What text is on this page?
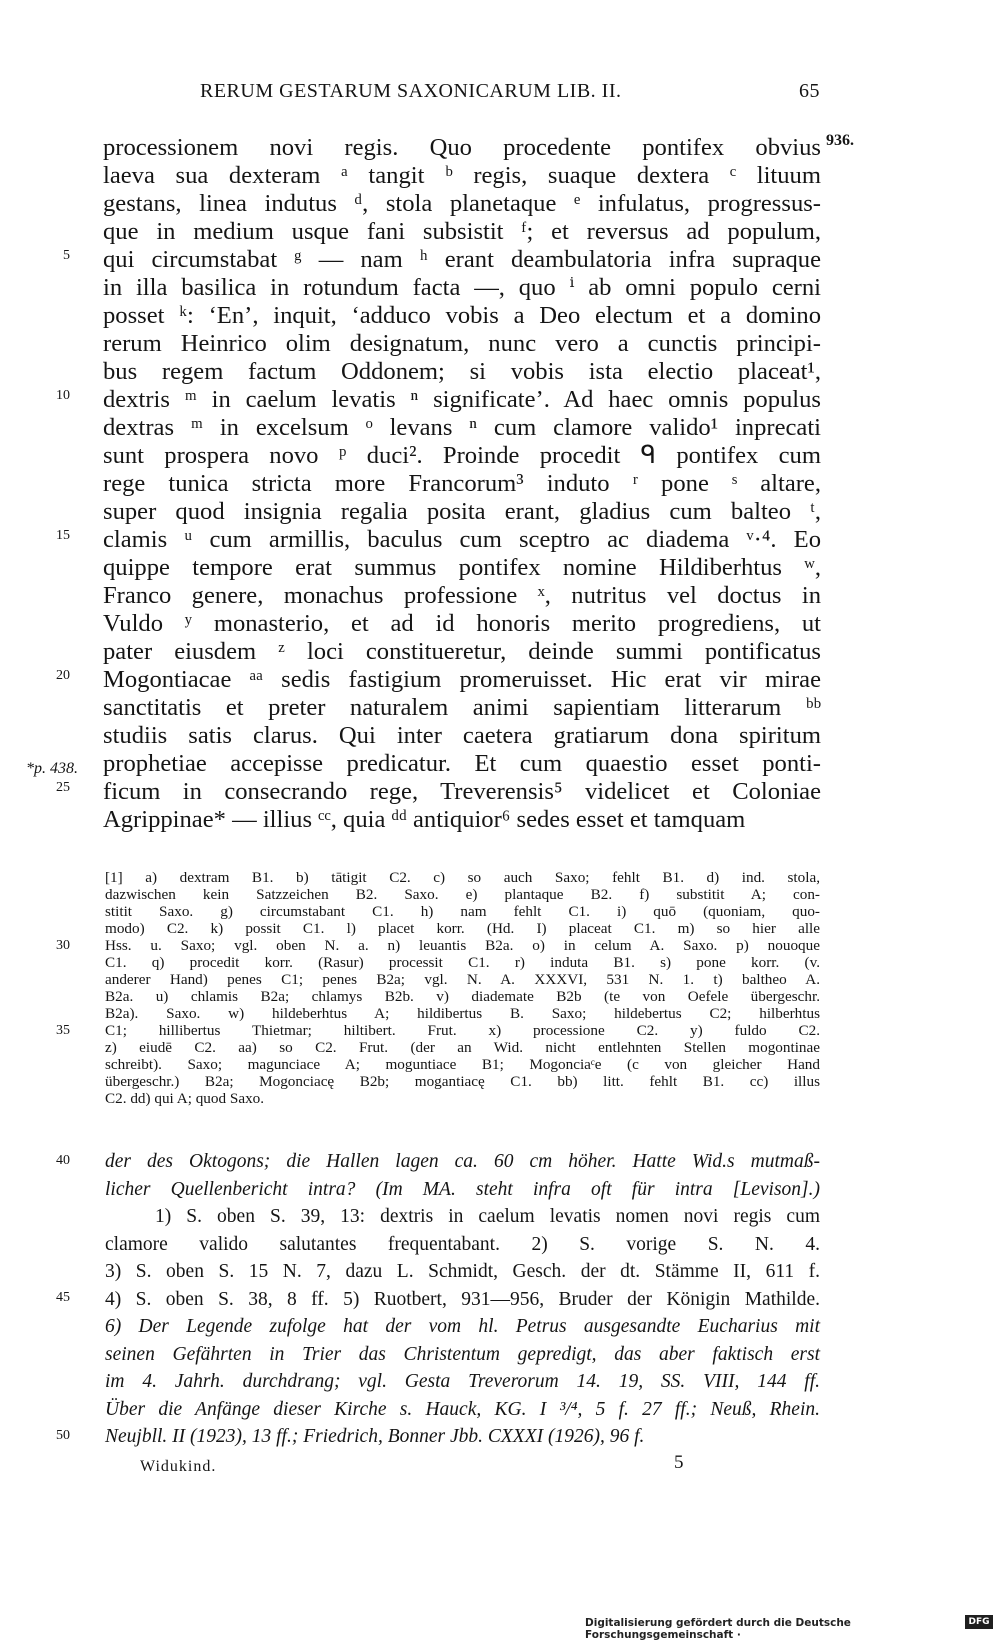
RERUM GESTARUM SAXONICARUM LIB. II.	65
936.
*p. 438.
5
10
15
20
25
processionem novi regis. Quo procedente pontifex obvius
laeva sua dexteram ᵃ tangit ᵇ regis, suaque dextera ᶜ lituum
gestans, linea indutus ᵈ, stola planetaque ᵉ infulatus, progressus-
que in medium usque fani subsistit ᶠ; et reversus ad populum,
qui circumstabat ᵍ — nam ʰ erant deambulatoria infra supraque
in illa basilica in rotundum facta —, quo ⁱ ab omni populo cerni
posset ᵏ: ‘En’, inquit, ‘adduco vobis a Deo electum et a domino
rerum Heinrico olim designatum, nunc vero a cunctis principi-
bus regem factum Oddonem; si vobis ista electio placeat¹,
dextris ᵐ in caelum levatis ⁿ significate’. Ad haec omnis populus
dextras ᵐ in excelsum ᵒ levans ⁿ cum clamore valido¹ inprecati
sunt prospera novo ᵖ duci². Proinde procedit ᑫ pontifex cum
rege tunica stricta more Francorum³ induto ʳ pone ˢ altare,
super quod insignia regalia posita erant, gladius cum balteo ᵗ,
clamis ᵘ cum armillis, baculus cum sceptro ac diadema ᵛ·⁴. Eo
quippe tempore erat summus pontifex nomine Hildiberhtus ʷ,
Franco genere, monachus professione ˣ, nutritus vel doctus in
Vuldo ʸ monasterio, et ad id honoris merito progrediens, ut
pater eiusdem ᶻ loci constitueretur, deinde summi pontificatus
Mogontiacae ᵃᵃ sedis fastigium promeruisset. Hic erat vir mirae
sanctitatis et preter naturalem animi sapientiam litterarum ᵇᵇ
studiis satis clarus. Qui inter caetera gratiarum dona spiritum
prophetiae accepisse predicatur. Et cum quaestio esset ponti-
ficum in consecrando rege, Treverensis⁵ videlicet et Coloniae
Agrippinae* — illius ᶜᶜ, quia ᵈᵈ antiquior⁶ sedes esset et tamquam
30
35
[1] a) dextram B1. b) tātigit C2. c) so auch Saxo; fehlt B1. d) ind. stola,
dazwischen kein Satzzeichen B2. Saxo. e) plantaque B2. f) substitit A; con-
stitit Saxo. g) circumstabant C1. h) nam fehlt C1. i) quō (quoniam, quo-
modo) C2. k) possit C1. l) placet korr. (Hd. I) placeat C1. m) so hier alle
Hss. u. Saxo; vgl. oben N. a. n) leuantis B2a. o) in celum A. Saxo. p) nouoque
C1. q) procedit korr. (Rasur) processit C1. r) induta B1. s) pone korr. (v.
anderer Hand) penes C1; penes B2a; vgl. N. A. XXXVI, 531 N. 1. t) baltheo A.
B2a. u) chlamis B2a; chlamys B2b. v) diademate B2b (te von Oefele übergeschr.
B2a). Saxo. w) hildeberhtus A; hildibertus B. Saxo; hildebertus C2; hilberhtus
C1; hillibertus Thietmar; hiltibert. Frut. x) processione C2. y) fuldo C2.
z) eiudē C2. aa) so C2. Frut. (der an Wid. nicht entlehnten Stellen mogontinae
schreibt). Saxo; magunciace A; moguntiace B1; Mogonciaᶜe (c von gleicher Hand
übergeschr.) B2a; Mogonciacę B2b; mogantiacę C1. bb) litt. fehlt B1. cc) illus
C2. dd) qui A; quod Saxo.
40
45
50
der des Oktogons; die Hallen lagen ca. 60 cm höher. Hatte Wid.s mutmaß-
licher Quellenbericht intra? (Im MA. steht infra oft für intra [Levison].)
1) S. oben S. 39, 13: dextris in caelum levatis nomen novi regis cum
clamore valido salutantes frequentabant. 2) S. vorige S. N. 4.
3) S. oben S. 15 N. 7, dazu L. Schmidt, Gesch. der dt. Stämme II, 611 f.
4) S. oben S. 38, 8 ff. 5) Ruotbert, 931—956, Bruder der Königin Mathilde.
6) Der Legende zufolge hat der vom hl. Petrus ausgesandte Eucharius mit
seinen Gefährten in Trier das Christentum gepredigt, das aber faktisch erst
im 4. Jahrh. durchdrang; vgl. Gesta Treverorum 14. 19, SS. VIII, 144 ff.
Über die Anfänge dieser Kirche s. Hauck, KG. I ³/⁴, 5 f. 27 ff.; Neuß, Rhein.
Neujbll. II (1923), 13 ff.; Friedrich, Bonner Jbb. CXXXI (1926), 96 f.
Widukind.	5
Digitalisierung gefördert durch die Deutsche Forschungsgemeinschaft ·
DFG
